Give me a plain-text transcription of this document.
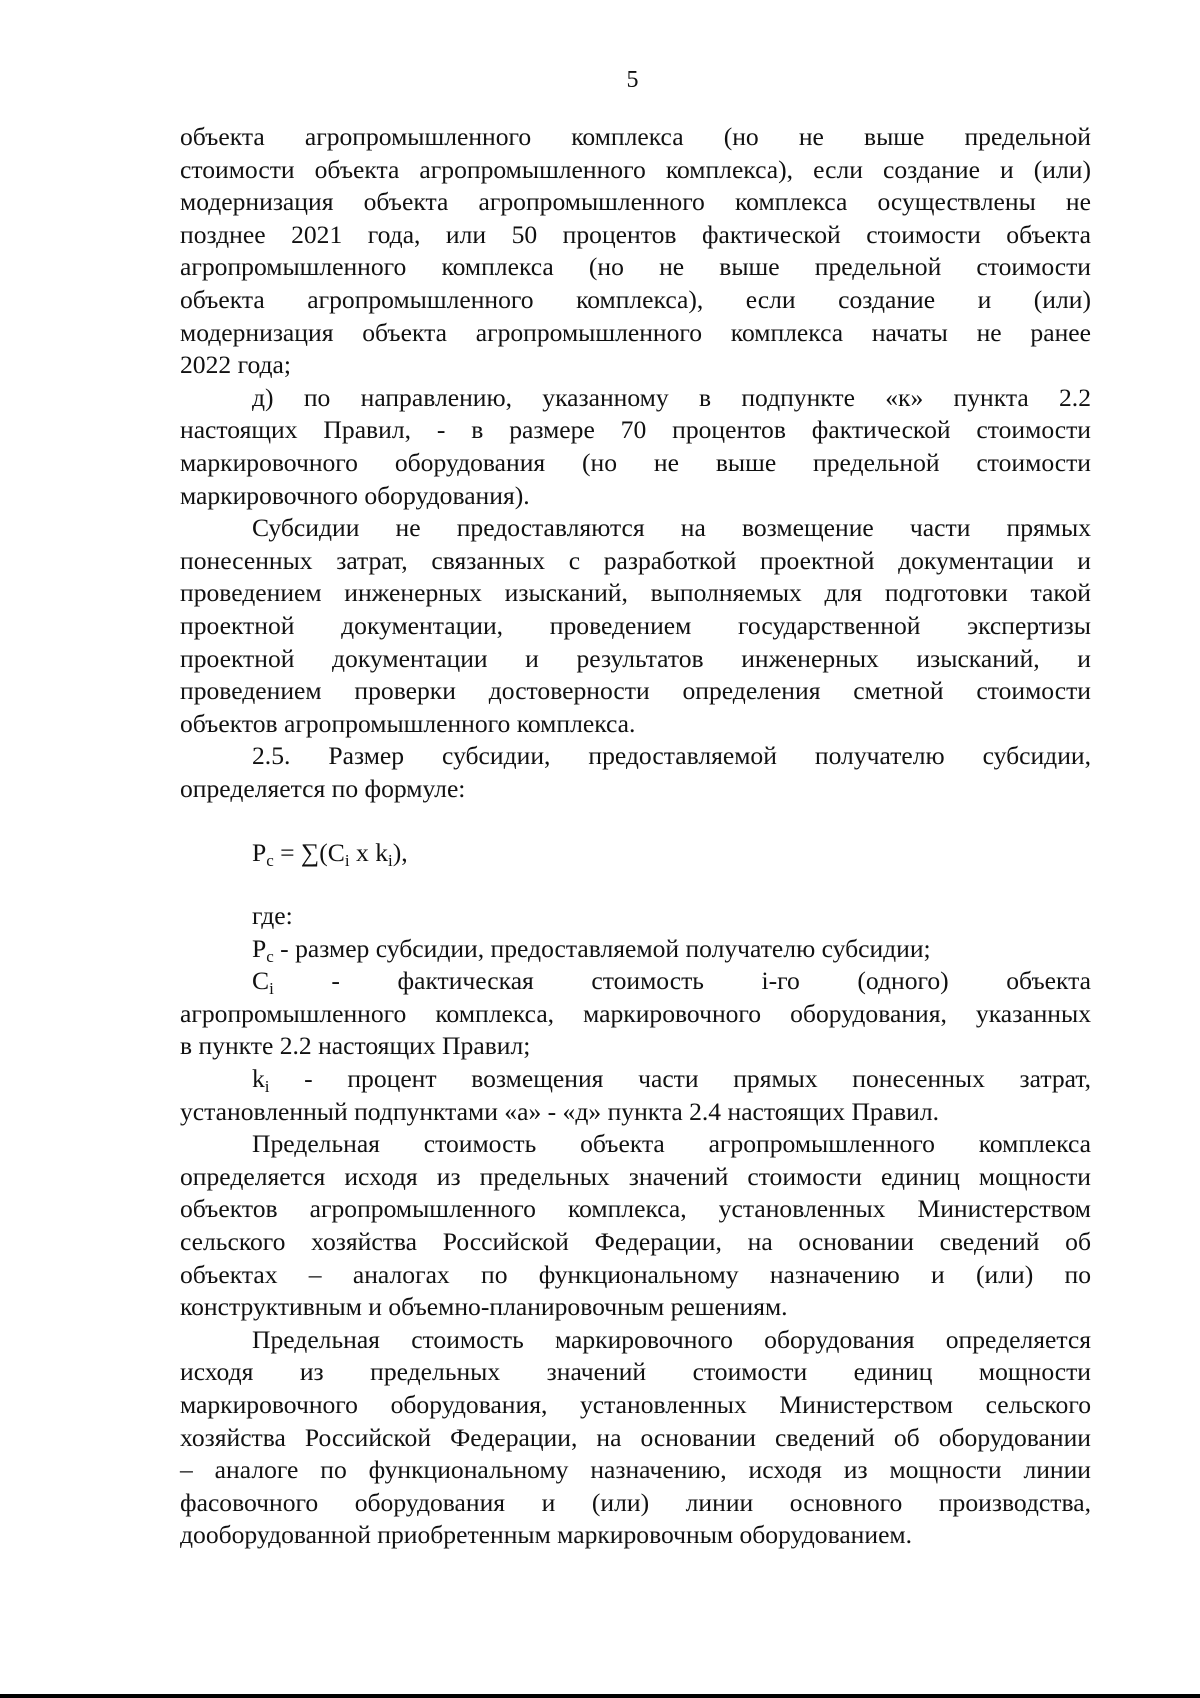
5
объекта агропромышленного комплекса (но не выше предельной
стоимости объекта агропромышленного комплекса), если создание и (или)
модернизация объекта агропромышленного комплекса осуществлены не
позднее 2021 года, или 50 процентов фактической стоимости объекта
агропромышленного комплекса (но не выше предельной стоимости
объекта агропромышленного комплекса), если создание и (или)
модернизация объекта агропромышленного комплекса начаты не ранее
2022 года;
д) по направлению, указанному в подпункте «к» пункта 2.2
настоящих Правил, - в размере 70 процентов фактической стоимости
маркировочного оборудования (но не выше предельной стоимости
маркировочного оборудования).
Субсидии не предоставляются на возмещение части прямых
понесенных затрат, связанных с разработкой проектной документации и
проведением инженерных изысканий, выполняемых для подготовки такой
проектной документации, проведением государственной экспертизы
проектной документации и результатов инженерных изысканий, и
проведением проверки достоверности определения сметной стоимости
объектов агропромышленного комплекса.
2.5. Размер субсидии, предоставляемой получателю субсидии,
определяется по формуле:
$P_c = \sum(C_i$ x $k_i$),
где:
$P_c$ - размер субсидии, предоставляемой получателю субсидии;
$C_i$ - фактическая стоимость i-го (одного) объекта
агропромышленного комплекса, маркировочного оборудования, указанных
в пункте 2.2 настоящих Правил;
$k_i$ - процент возмещения части прямых понесенных затрат,
установленный подпунктами «а» - «д» пункта 2.4 настоящих Правил.
Предельная стоимость объекта агропромышленного комплекса
определяется исходя из предельных значений стоимости единиц мощности
объектов агропромышленного комплекса, установленных Министерством
сельского хозяйства Российской Федерации, на основании сведений об
объектах – аналогах по функциональному назначению и (или) по
конструктивным и объемно-планировочным решениям.
Предельная стоимость маркировочного оборудования определяется
исходя из предельных значений стоимости единиц мощности
маркировочного оборудования, установленных Министерством сельского
хозяйства Российской Федерации, на основании сведений об оборудовании
– аналоге по функциональному назначению, исходя из мощности линии
фасовочного оборудования и (или) линии основного производства,
дооборудованной приобретенным маркировочным оборудованием.
